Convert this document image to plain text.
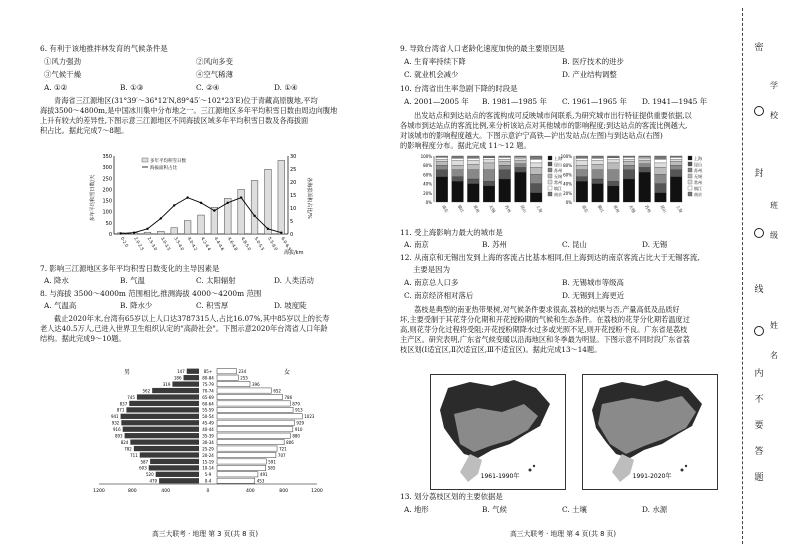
6. 有利于该地推拌林发育的气候条件是
①风力强劲	②风向多变
③气候干燥	④空气稀薄
A. ①②	B. ①③	C. ②④	D. ①④
青海省三江源地区(31°39′～36°12′N,89°45′～102°23′E)位于青藏高原腹地,平均
海拔3500～4800m,是中国冰川集中分布地之一。三江源地区多年平均积雪日数由周边向腹地
上升有较大的差异性,下图示意三江源地区不同海拔区域多年平均积雪日数及各海拔面
积占比。据此完成7～8题。
0
50
100
150
200
250
300
350
0
5
10
15
20
25
30
0-2.0 2.0-2.5 2.5-3.0 3.0-3.5 3.5-4.0 4.0-4.2 4.2-4.4 4.4-4.6 4.6-4.8 4.8-5.0 5.0-5.5 5.5-6.0 6.0-6.5
海拔/km
多年平均积雪日数/天	各海拔面积占比/%
多年平均积雪日数
海拔面积占比
7. 影响三江源地区多年平均积雪日数变化的主导因素是
A. 降水	B. 气温	C. 太阳辐射	D. 人类活动
8. 与海拔 3500～4000m 范围相比,推测海拔 4000～4200m 范围
A. 气温高	B. 降水少	C. 积雪厚	D. 坡度陡
截止2020年末,台湾有65岁以上人口达3787315人,占比16.07%,其中85岁以上的长寿
老人达40.5万人,已进入世界卫生组织认定的"高龄社会"。下图示意2020年台湾省人口年龄
结构。据此完成9～10题。
0-4
479	453
5-9
520	491
10-14
603	585
15-19
587	591
20-24
711	707
25-29
782	721
30-34
824	806
35-39
893	880
40-44
916	910
45-49
932	929
50-54
941	1023
55-59
871	913
60-64
837	879
65-69
745	786
70-74
562	652
75-79
319	396
80-84
186	255
85+
147	234
1200	800	400	0	400	800	1200
男	女
高三大联考 · 地理 第 3 页(共 8 页)
9. 导致台湾省人口老龄化速度加快的最主要原因是
A. 生育率持续下降	B. 医疗技术的进步
C. 就业机会减少	D. 产业结构调整
10. 台湾省出生率急剧下降的时段是
A. 2001—2005 年 B. 1981—1985 年 C. 1961—1965 年 D. 1941—1945 年
出发站点和到达站点的客流构成可反映城市间联系,为研究城市出行特征提供重要依据,以
各城市到达站点的客流比例,来分析该站点对其他城市的影响程度;到达站点的客流比例越大,
对该城市的影响程度越大。下图示意沪宁高铁—沪出发站点(左图)与到达站点(右图)
的影响程度分布。据此完成 11～12 题。
0%
20%
40%
60%
80%
100%
南京 镇江 常州 无锡 苏州 昆山 上海
上海
昆山
苏州
无锡
常州
镇江
南京
0%
20%
40%
60%
80%
100%
南京 镇江 常州 无锡 苏州 昆山 上海
上海
昆山
苏州
无锡
常州
镇江
南京
11. 受上海影响力最大的城市是
A. 南京	B. 苏州	C. 昆山	D. 无锡
12. 从南京和无锡出发到上海的客流占比基本相同,但上海到达的南京客流占比大于无锡客流,
主要是因为
A. 南京总人口多	B. 无锡城市等级高
C. 南京经济相对落后	D. 无锡到上海更近
荔枝是典型的南亚热带果树,对气候条件要求很高,荔枝的结果与否,产量高低及品质好
坏,主要受制于其花芽分化期和开花授粉期的气候和生态条件。在荔枝的花芽分化期若温度过
高,则花芽分化过程将受阻;开花授粉期降水过多或光照不足,则开花授粉不良。广东省是荔枝
主产区。研究表明,广东省气候变暖以沿海地区和冬季最为明显。下图示意不同时段广东省荔
枝区划(Ⅰ适宜区,Ⅱ次适宜区,Ⅲ不适宜区)。据此完成13～14题。
1961-1990年	1991-2020年
13. 划分荔枝区划的主要依据是
A. 地形	B. 气候	C. 土壤	D. 水源
高三大联考 · 地理 第 4 页(共 8 页)
密
封
线
内
不
要
答
题
学
校
班
级
姓
名
